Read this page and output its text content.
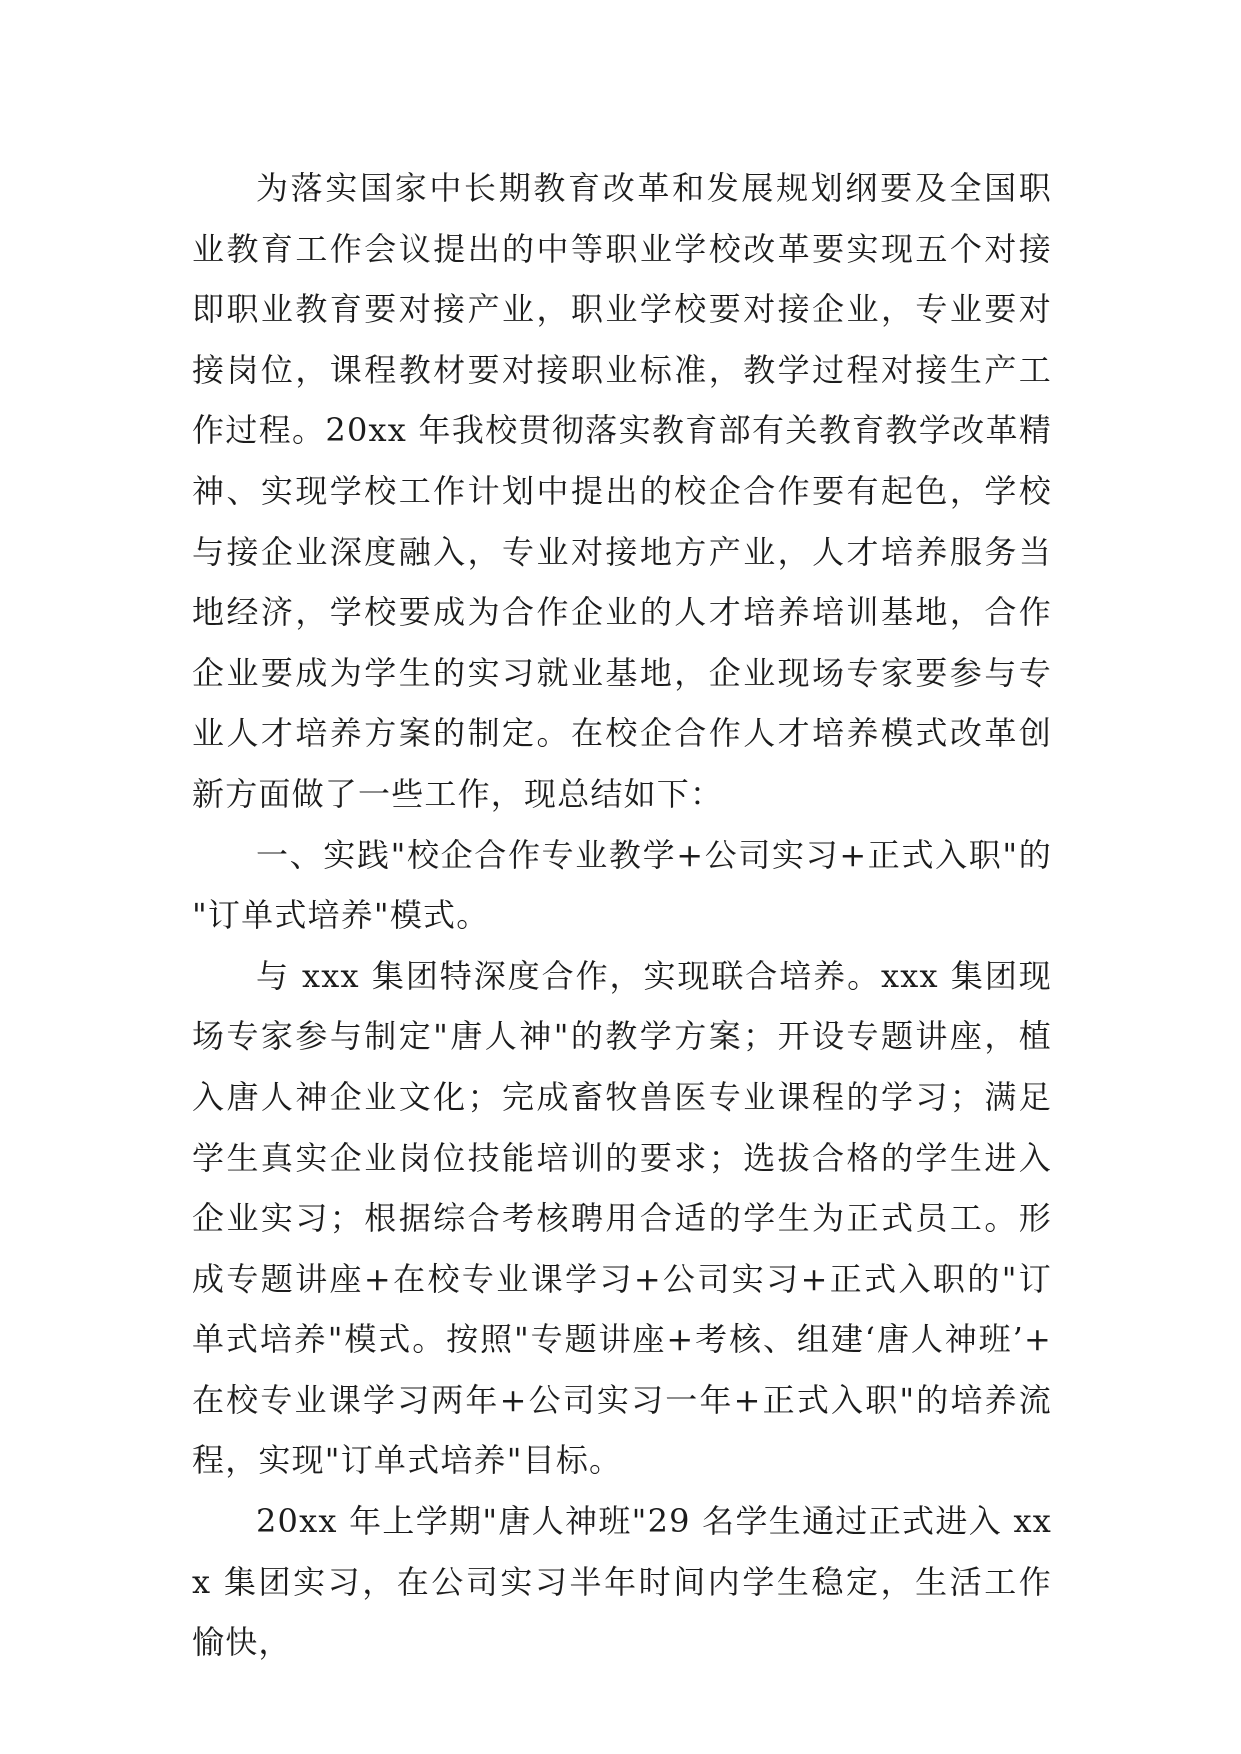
为落实国家中长期教育改革和发展规划纲要及全国职业教育工作会议提出的中等职业学校改革要实现五个对接即职业教育要对接产业，职业学校要对接企业，专业要对接岗位，课程教材要对接职业标准，教学过程对接生产工作过程。20xx 年我校贯彻落实教育部有关教育教学改革精神、实现学校工作计划中提出的校企合作要有起色，学校与接企业深度融入，专业对接地方产业，人才培养服务当地经济，学校要成为合作企业的人才培养培训基地，合作企业要成为学生的实习就业基地，企业现场专家要参与专业人才培养方案的制定。在校企合作人才培养模式改革创新方面做了一些工作，现总结如下：

一、实践"校企合作专业教学+公司实习+正式入职"的"订单式培养"模式。

与 xxx 集团特深度合作，实现联合培养。xxx 集团现场专家参与制定"唐人神"的教学方案；开设专题讲座，植入唐人神企业文化；完成畜牧兽医专业课程的学习；满足学生真实企业岗位技能培训的要求；选拔合格的学生进入企业实习；根据综合考核聘用合适的学生为正式员工。形成专题讲座+在校专业课学习+公司实习+正式入职的"订单式培养"模式。按照"专题讲座+考核、组建‘唐人神班’+在校专业课学习两年+公司实习一年+正式入职"的培养流程，实现"订单式培养"目标。

20xx 年上学期"唐人神班"29 名学生通过正式进入 xxx 集团实习，在公司实习半年时间内学生稳定，生活工作愉快，
